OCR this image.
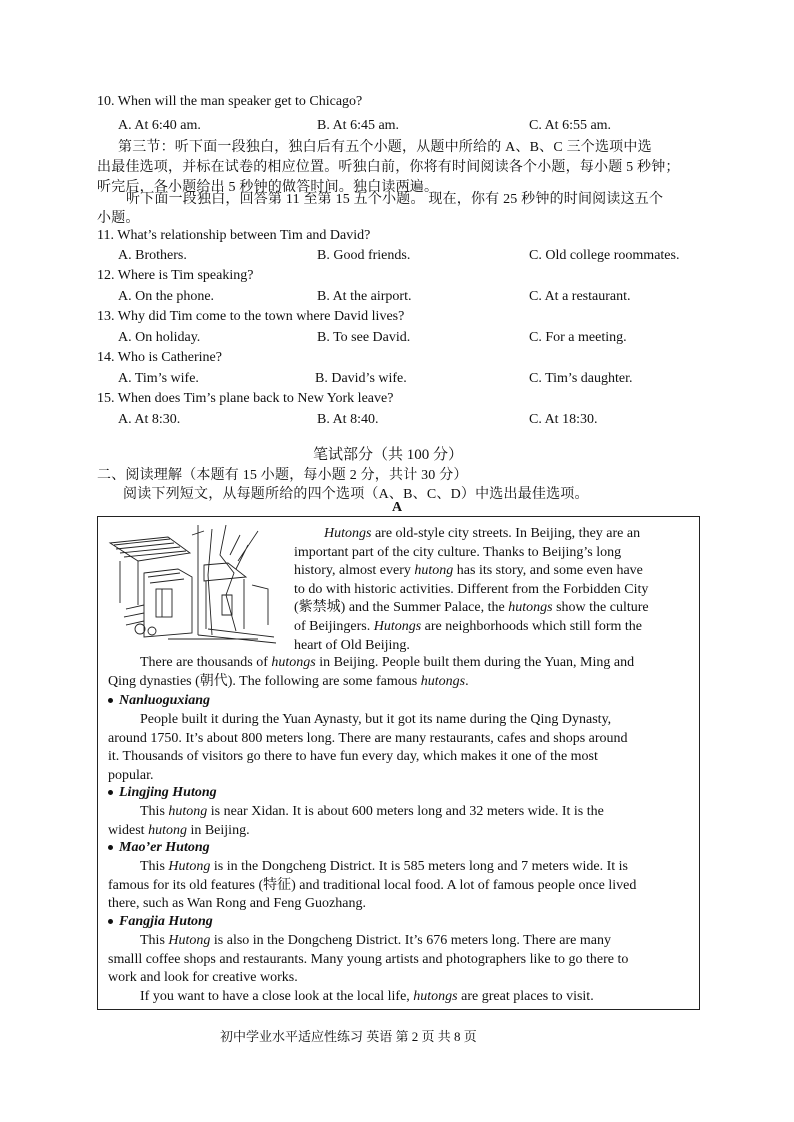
10. When will the man speaker get to Chicago?
A. At 6:40 am.	B. At 6:45 am.	C. At 6:55 am.
第三节：听下面一段独白，独白后有五个小题，从题中所给的 A、B、C 三个选项中选
出最佳选项，并标在试卷的相应位置。听独白前，你将有时间阅读各个小题，每小题 5 秒钟；
听完后，各小题给出 5 秒钟的做答时间。独白读两遍。
听下面一段独白，回答第 11 至第 15 五个小题。 现在，你有 25 秒钟的时间阅读这五个
小题。
11. What’s relationship between Tim and David?
A. Brothers.	B. Good friends.	C. Old college roommates.
12. Where is Tim speaking?
A. On the phone.	B. At the airport.	C. At a restaurant.
13. Why did Tim come to the town where David lives?
A. On holiday.	B. To see David.	C. For a meeting.
14. Who is Catherine?
A. Tim’s wife.	B. David’s wife.	C. Tim’s daughter.
15. When does Tim’s plane back to New York leave?
A. At 8:30.	B. At 8:40.	C. At 18:30.
笔试部分（共 100 分）
二、阅读理解（本题有 15 小题，每小题 2 分，共计 30 分）
阅读下列短文，从每题所给的四个选项（A、B、C、D）中选出最佳选项。
A
Hutongs are old-style city streets. In Beijing, they are an
important part of the city culture. Thanks to Beijing’s long
history, almost every hutong has its story, and some even have
to do with historic activities. Different from the Forbidden City
(紫禁城) and the Summer Palace, the hutongs show the culture
of Beijingers. Hutongs are neighborhoods which still form the
heart of Old Beijing.
There are thousands of hutongs in Beijing. People built them during the Yuan, Ming and
Qing dynasties (朝代). The following are some famous hutongs.
Nanluoguxiang
People built it during the Yuan Aynasty, but it got its name during the Qing Dynasty,
around 1750. It’s about 800 meters long. There are many restaurants, cafes and shops around
it. Thousands of visitors go there to have fun every day, which makes it one of the most
popular.
Lingjing Hutong
This hutong is near Xidan. It is about 600 meters long and 32 meters wide. It is the
widest hutong in Beijing.
Mao’er Hutong
This Hutong is in the Dongcheng District. It is 585 meters long and 7 meters wide. It is
famous for its old features (特征) and traditional local food. A lot of famous people once lived
there, such as Wan Rong and Feng Guozhang.
Fangjia Hutong
This Hutong is also in the Dongcheng District. It’s 676 meters long. There are many
smalll coffee shops and restaurants. Many young artists and photographers like to go there to
work and look for creative works.
If you want to have a close look at the local life, hutongs are great places to visit.
初中学业水平适应性练习 英语 第 2 页 共 8 页
